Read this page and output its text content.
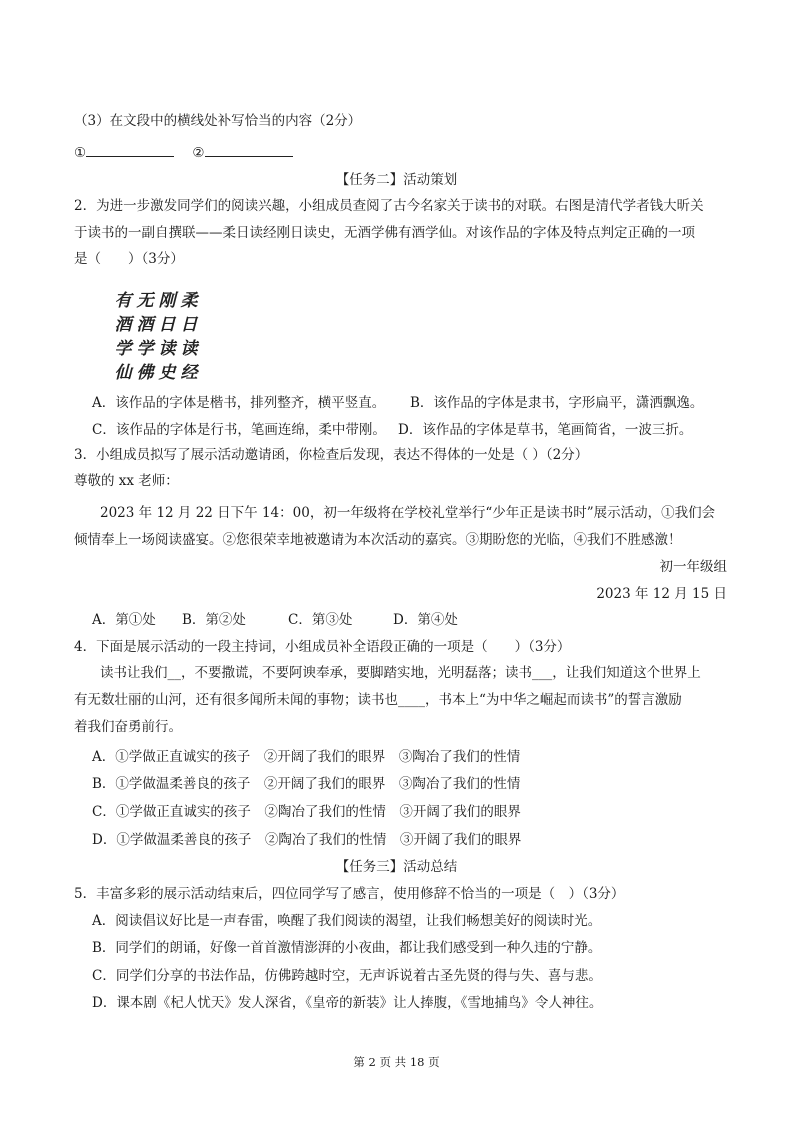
（3）在文段中的横线处补写恰当的内容（2分）
①	②
【任务二】活动策划
2．为进一步激发同学们的阅读兴趣，小组成员查阅了古今名家关于读书的对联。右图是清代学者钱大昕关
于读书的一副自撰联——柔日读经刚日读史，无酒学佛有酒学仙。对该作品的字体及特点判定正确的一项
是（　　）（3分）
有 无 刚 柔
酒 酒 日 日
学 学 读 读
仙 佛 史 经
A．该作品的字体是楷书，排列整齐，横平竖直。 B．该作品的字体是隶书，字形扁平，潇洒飘逸。
C．该作品的字体是行书，笔画连绵，柔中带刚。 D．该作品的字体是草书，笔画简省，一波三折。
3．小组成员拟写了展示活动邀请函，你检查后发现，表达不得体的一处是（ ）（2分）
尊敬的 xx 老师：
2023 年 12 月 22 日下午 14：00，初一年级将在学校礼堂举行“少年正是读书时”展示活动，①我们会
倾情奉上一场阅读盛宴。②您很荣幸地被邀请为本次活动的嘉宾。③期盼您的光临，④我们不胜感激！
初一年级组
2023 年 12 月 15 日
A．第①处 B．第②处	C．第③处	D．第④处
4．下面是展示活动的一段主持词，小组成员补全语段正确的一项是（　　）（3分）
读书让我们__，不要撒谎，不要阿谀奉承，要脚踏实地，光明磊落；读书___，让我们知道这个世界上
有无数壮丽的山河，还有很多闻所未闻的事物；读书也____，书本上“为中华之崛起而读书”的誓言激励
着我们奋勇前行。
A．①学做正直诚实的孩子　 ②开阔了我们的眼界　 ③陶冶了我们的性情
B．①学做温柔善良的孩子　 ②开阔了我们的眼界　 ③陶冶了我们的性情
C．①学做正直诚实的孩子　 ②陶冶了我们的性情　 ③开阔了我们的眼界
D．①学做温柔善良的孩子　 ②陶冶了我们的性情　 ③开阔了我们的眼界
【任务三】活动总结
5．丰富多彩的展示活动结束后，四位同学写了感言，使用修辞不恰当的一项是（　）（3分）
A．阅读倡议好比是一声春雷，唤醒了我们阅读的渴望，让我们畅想美好的阅读时光。
B．同学们的朗诵，好像一首首激情澎湃的小夜曲，都让我们感受到一种久违的宁静。
C．同学们分享的书法作品，仿佛跨越时空，无声诉说着古圣先贤的得与失、喜与悲。
D．课本剧《杞人忧天》发人深省，《皇帝的新装》让人捧腹，《雪地捕鸟》令人神往。
第 2 页 共 18 页
